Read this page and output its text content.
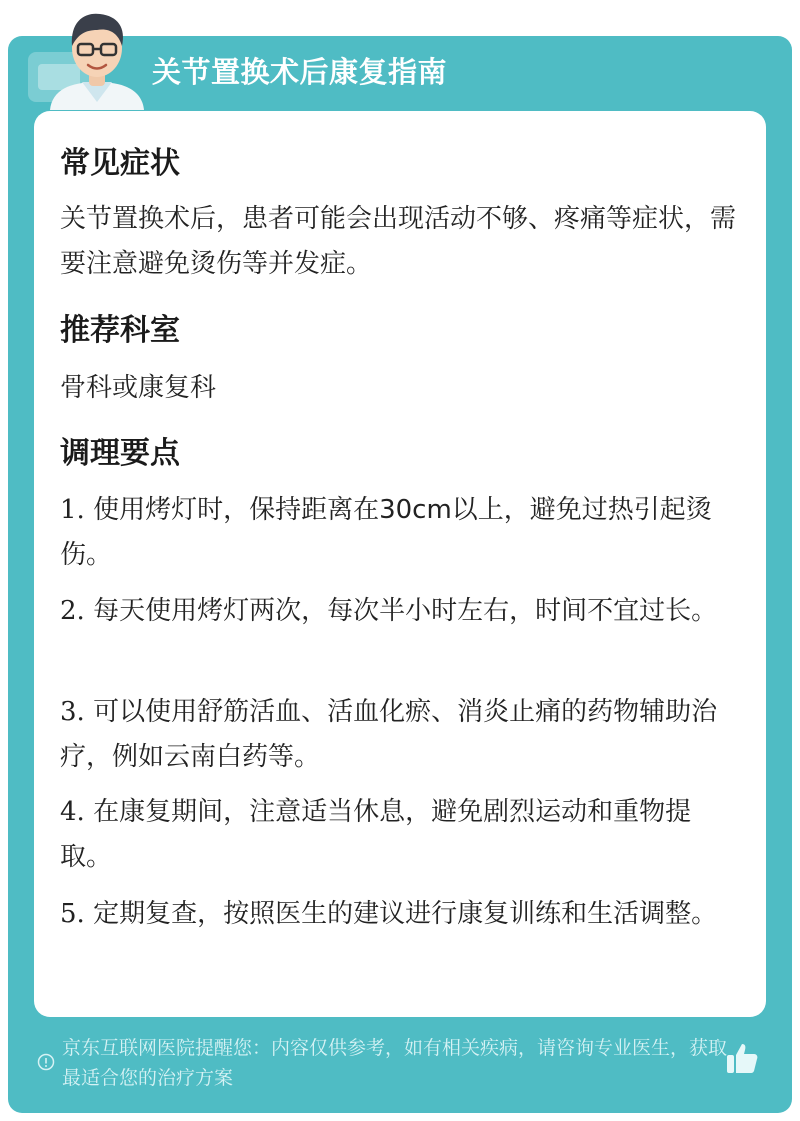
关节置换术后康复指南
常见症状

关节置换术后，患者可能会出现活动不够、疼痛等症状，需要注意避免烫伤等并发症。

推荐科室

骨科或康复科

调理要点

1. 使用烤灯时，保持距离在30cm以上，避免过热引起烫伤。

2. 每天使用烤灯两次，每次半小时左右，时间不宜过长。

3. 可以使用舒筋活血、活血化瘀、消炎止痛的药物辅助治疗，例如云南白药等。

4. 在康复期间，注意适当休息，避免剧烈运动和重物提取。

5. 定期复查，按照医生的建议进行康复训练和生活调整。

京东互联网医院提醒您：内容仅供参考，如有相关疾病，请咨询专业医生，获取最适合您的治疗方案
